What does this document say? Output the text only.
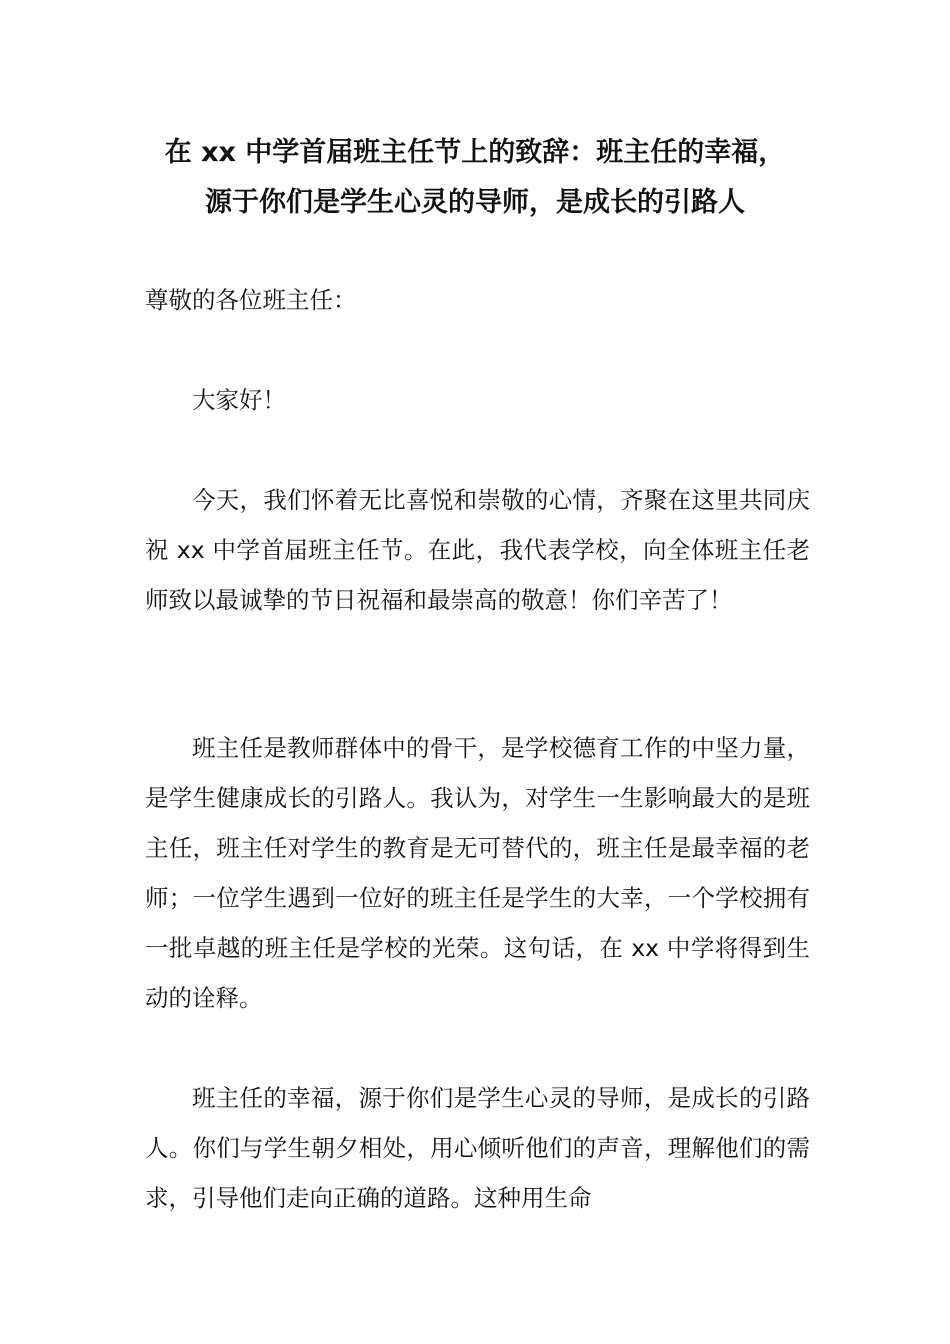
在 xx 中学首届班主任节上的致辞：班主任的幸福，
源于你们是学生心灵的导师，是成长的引路人
尊敬的各位班主任：

大家好！

今天，我们怀着无比喜悦和崇敬的心情，齐聚在这里共同庆祝 xx 中学首届班主任节。在此，我代表学校，向全体班主任老师致以最诚挚的节日祝福和最崇高的敬意！你们辛苦了！

班主任是教师群体中的骨干，是学校德育工作的中坚力量，是学生健康成长的引路人。我认为，对学生一生影响最大的是班主任，班主任对学生的教育是无可替代的，班主任是最幸福的老师；一位学生遇到一位好的班主任是学生的大幸，一个学校拥有一批卓越的班主任是学校的光荣。这句话，在 xx 中学将得到生动的诠释。

班主任的幸福，源于你们是学生心灵的导师，是成长的引路人。你们与学生朝夕相处，用心倾听他们的声音，理解他们的需求，引导他们走向正确的道路。这种用生命
